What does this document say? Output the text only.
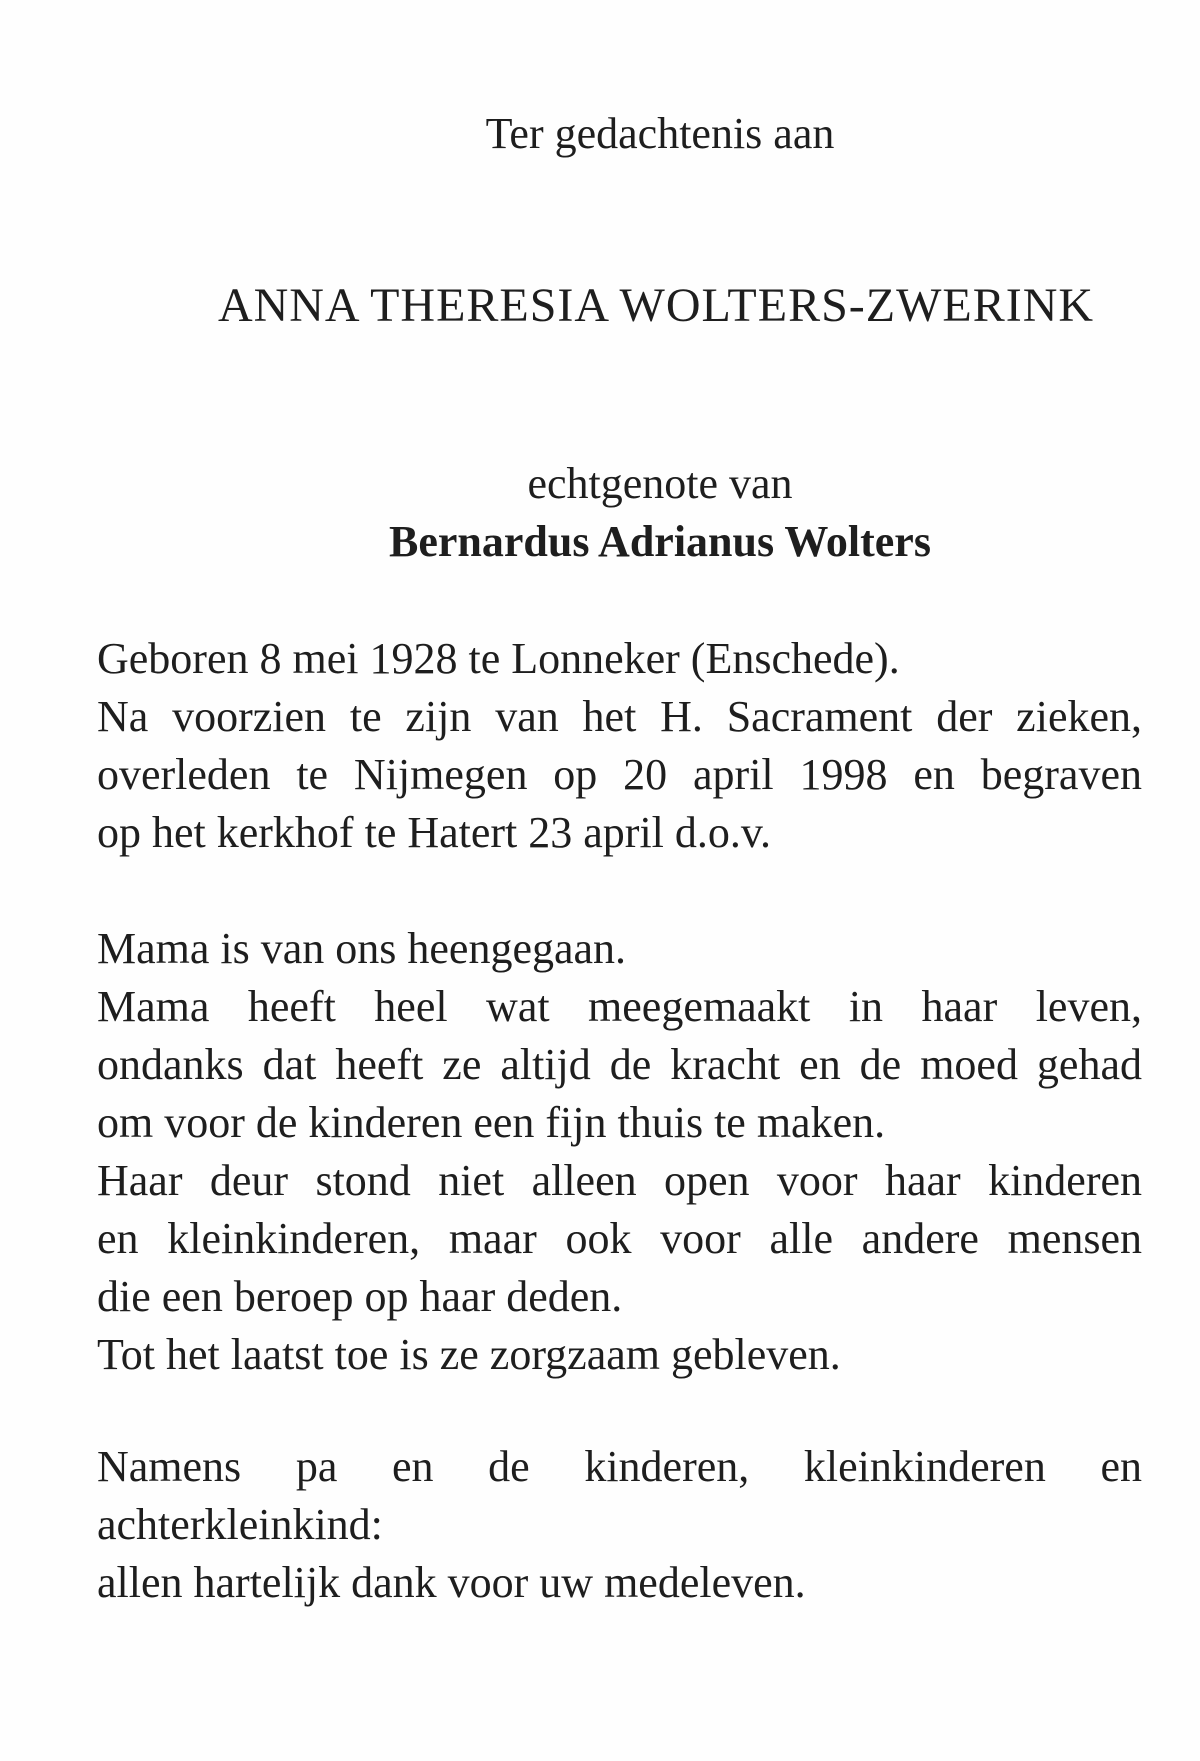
Ter gedachtenis aan
ANNA THERESIA WOLTERS-ZWERINK
echtgenote van
Bernardus Adrianus Wolters
Geboren 8 mei 1928 te Lonneker (Enschede).
Na voorzien te zijn van het H. Sacrament der zieken,
overleden te Nijmegen op 20 april 1998 en begraven
op het kerkhof te Hatert 23 april d.o.v.
Mama is van ons heengegaan.
Mama heeft heel wat meegemaakt in haar leven,
ondanks dat heeft ze altijd de kracht en de moed gehad
om voor de kinderen een fijn thuis te maken.
Haar deur stond niet alleen open voor haar kinderen
en kleinkinderen, maar ook voor alle andere mensen
die een beroep op haar deden.
Tot het laatst toe is ze zorgzaam gebleven.
Namens pa en de kinderen, kleinkinderen en
achterkleinkind:
allen hartelijk dank voor uw medeleven.
